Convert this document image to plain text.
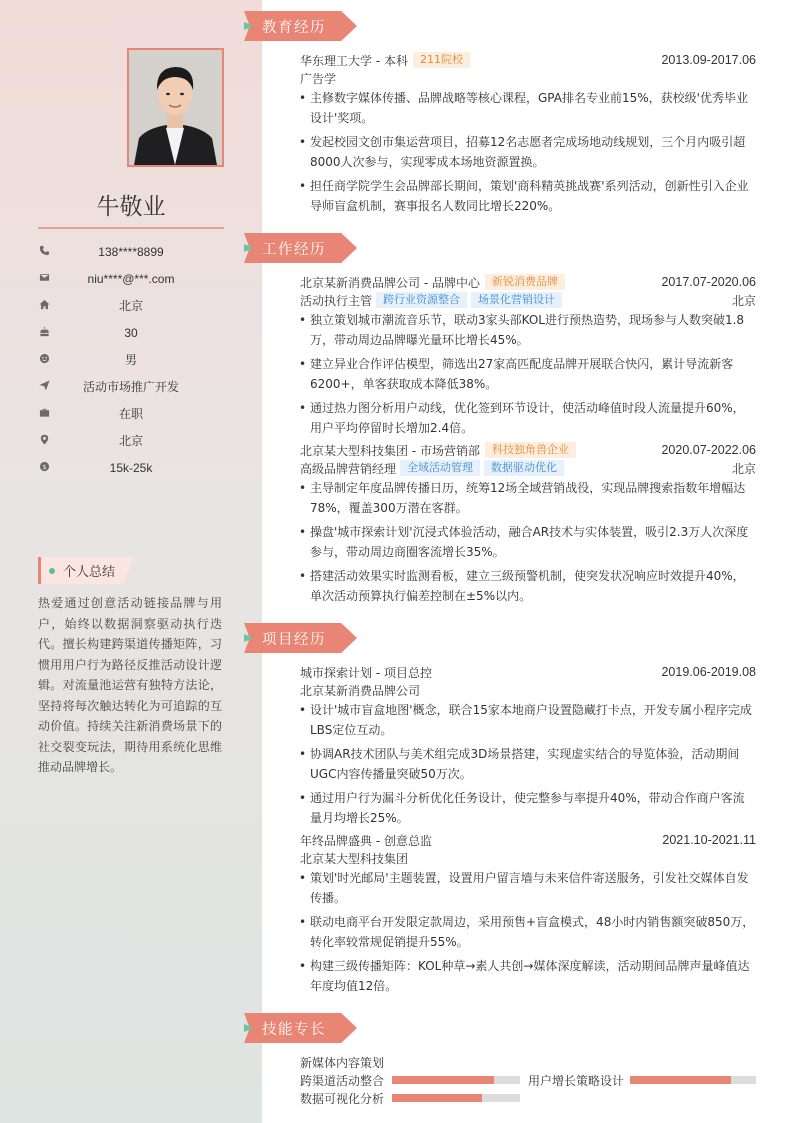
牛敬业
138****8899
niu****@***.com
北京
30
男
活动市场推广开发
在职
北京
$	15k-25k
个人总结
热爱通过创意活动链接品牌与用户，始终以数据洞察驱动执行迭代。擅长构建跨渠道传播矩阵，习惯用用户行为路径反推活动设计逻辑。对流量池运营有独特方法论，坚持将每次触达转化为可追踪的互动价值。持续关注新消费场景下的社交裂变玩法，期待用系统化思维推动品牌增长。
教育经历
华东理工大学 - 本科	211院校	2013.09-2017.06
广告学
• 主修数字媒体传播、品牌战略等核心课程，GPA排名专业前15%，获校级'优秀毕业设计'奖项。
• 发起校园文创市集运营项目，招募12名志愿者完成场地动线规划，三个月内吸引超8000人次参与，实现零成本场地资源置换。
• 担任商学院学生会品牌部长期间，策划'商科精英挑战赛'系列活动，创新性引入企业导师盲盒机制，赛事报名人数同比增长220%。
工作经历
北京某新消费品牌公司 - 品牌中心	新锐消费品牌	2017.07-2020.06
活动执行主管	跨行业资源整合	场景化营销设计	北京
• 独立策划城市潮流音乐节，联动3家头部KOL进行预热造势，现场参与人数突破1.8万，带动周边品牌曝光量环比增长45%。
• 建立异业合作评估模型，筛选出27家高匹配度品牌开展联合快闪，累计导流新客6200+，单客获取成本降低38%。
• 通过热力图分析用户动线，优化签到环节设计，使活动峰值时段人流量提升60%，用户平均停留时长增加2.4倍。
北京某大型科技集团 - 市场营销部	科技独角兽企业	2020.07-2022.06
高级品牌营销经理	全域活动管理	数据驱动优化	北京
• 主导制定年度品牌传播日历，统筹12场全域营销战役，实现品牌搜索指数年增幅达78%，覆盖300万潜在客群。
• 操盘'城市探索计划'沉浸式体验活动，融合AR技术与实体装置，吸引2.3万人次深度参与，带动周边商圈客流增长35%。
• 搭建活动效果实时监测看板，建立三级预警机制，使突发状况响应时效提升40%，单次活动预算执行偏差控制在±5%以内。
项目经历
城市探索计划 - 项目总控	2019.06-2019.08
北京某新消费品牌公司
• 设计'城市盲盒地图'概念，联合15家本地商户设置隐藏打卡点，开发专属小程序完成LBS定位互动。
• 协调AR技术团队与美术组完成3D场景搭建，实现虚实结合的导览体验，活动期间UGC内容传播量突破50万次。
• 通过用户行为漏斗分析优化任务设计，使完整参与率提升40%，带动合作商户客流量月均增长25%。
年终品牌盛典 - 创意总监	2021.10-2021.11
北京某大型科技集团
• 策划'时光邮局'主题装置，设置用户留言墙与未来信件寄送服务，引发社交媒体自发传播。
• 联动电商平台开发限定款周边，采用预售+盲盒模式，48小时内销售额突破850万，转化率较常规促销提升55%。
• 构建三级传播矩阵：KOL种草→素人共创→媒体深度解读，活动期间品牌声量峰值达年度均值12倍。
技能专长
新媒体内容策划
跨渠道活动整合	用户增长策略设计
数据可视化分析
